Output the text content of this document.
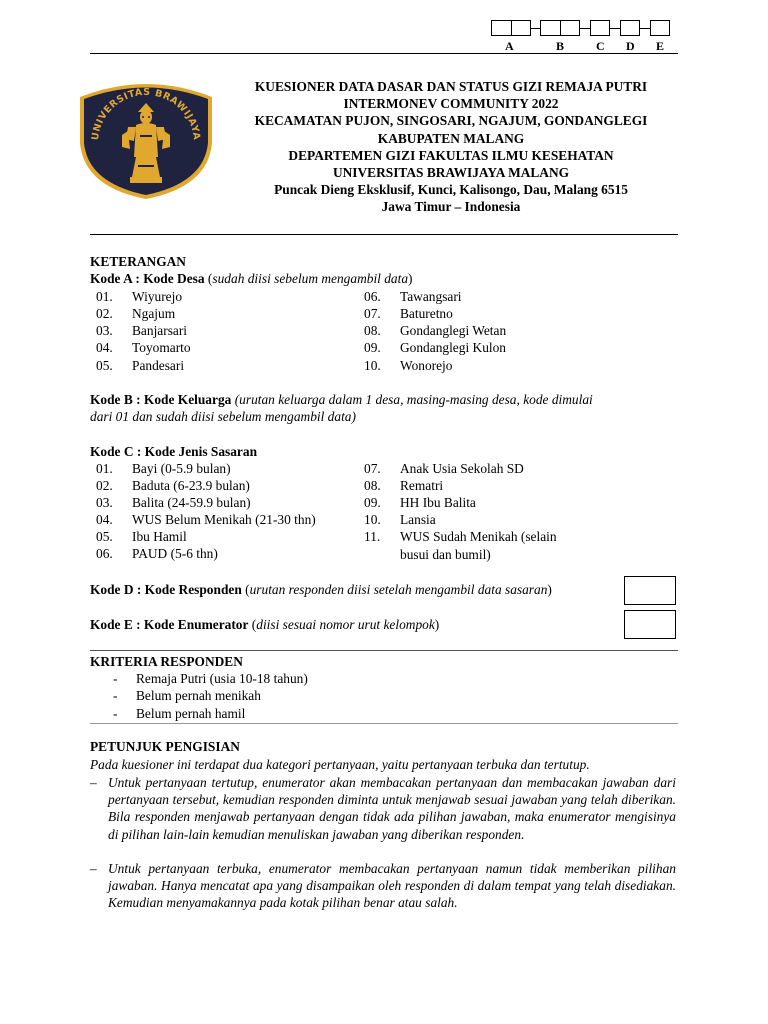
A	B	C D E
UNIVERSITAS BRAWIJAYA
KUESIONER DATA DASAR DAN STATUS GIZI REMAJA PUTRI
INTERMONEV COMMUNITY 2022
KECAMATAN PUJON, SINGOSARI, NGAJUM, GONDANGLEGI
KABUPATEN MALANG
DEPARTEMEN GIZI FAKULTAS ILMU KESEHATAN
UNIVERSITAS BRAWIJAYA MALANG
Puncak Dieng Eksklusif, Kunci, Kalisongo, Dau, Malang 6515
Jawa Timur – Indonesia
KETERANGAN
Kode A : Kode Desa (sudah diisi sebelum mengambil data)
01. Wiyurejo
02. Ngajum
03. Banjarsari
04. Toyomarto
05. Pandesari
06. Tawangsari
07. Baturetno
08. Gondanglegi Wetan
09. Gondanglegi Kulon
10. Wonorejo
Kode B : Kode Keluarga (urutan keluarga dalam 1 desa, masing-masing desa, kode dimulai
dari 01 dan sudah diisi sebelum mengambil data)
Kode C : Kode Jenis Sasaran
01. Bayi (0-5.9 bulan)
02. Baduta (6-23.9 bulan)
03. Balita (24-59.9 bulan)
04. WUS Belum Menikah (21-30 thn)
05. Ibu Hamil
06. PAUD (5-6 thn)
07. Anak Usia Sekolah SD
08. Rematri
09. HH Ibu Balita
10. Lansia
11. WUS Sudah Menikah (selain
busui dan bumil)
Kode D : Kode Responden (urutan responden diisi setelah mengambil data sasaran)
Kode E : Kode Enumerator (diisi sesuai nomor urut kelompok)
KRITERIA RESPONDEN
- Remaja Putri (usia 10-18 tahun)
- Belum pernah menikah
- Belum pernah hamil
PETUNJUK PENGISIAN
Pada kuesioner ini terdapat dua kategori pertanyaan, yaitu pertanyaan terbuka dan tertutup.
– Untuk pertanyaan tertutup, enumerator akan membacakan pertanyaan dan membacakan jawaban dari pertanyaan tersebut, kemudian responden diminta untuk menjawab sesuai jawaban yang telah diberikan. Bila responden menjawab pertanyaan dengan tidak ada pilihan jawaban, maka enumerator mengisinya di pilihan lain-lain kemudian menuliskan jawaban yang diberikan responden.
– Untuk pertanyaan terbuka, enumerator membacakan pertanyaan namun tidak memberikan pilihan jawaban. Hanya mencatat apa yang disampaikan oleh responden di dalam tempat yang telah disediakan. Kemudian menyamakannya pada kotak pilihan benar atau salah.
